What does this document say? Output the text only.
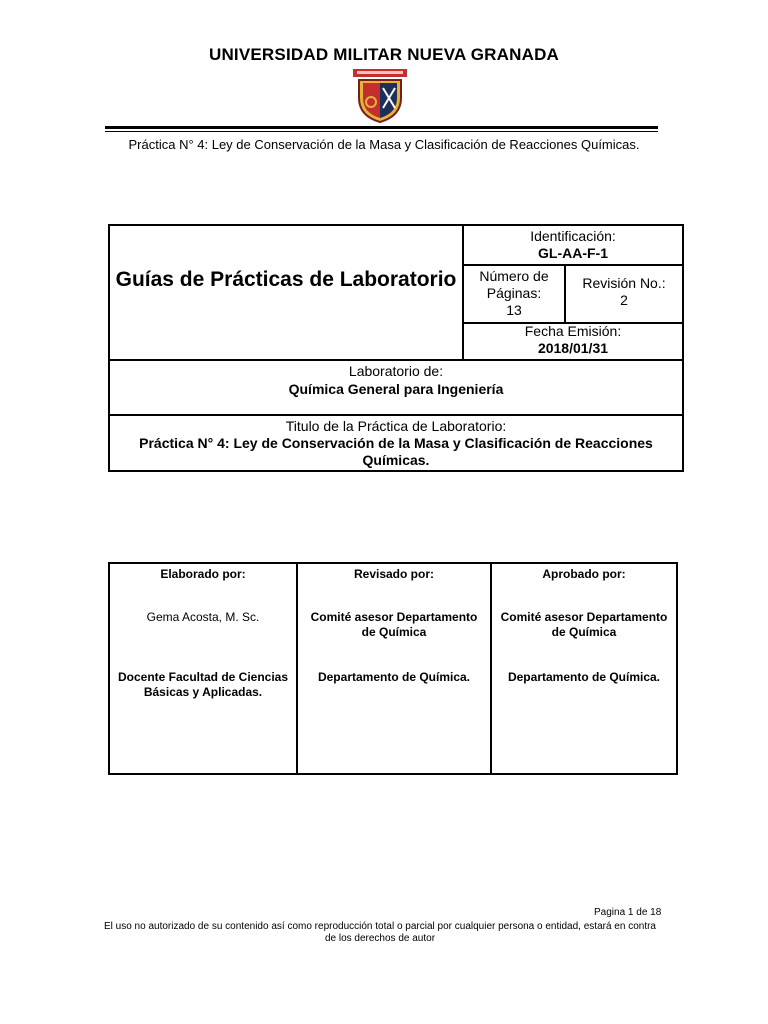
UNIVERSIDAD MILITAR NUEVA GRANADA
Práctica N° 4: Ley de Conservación de la Masa y Clasificación de Reacciones Químicas.
Guías de Prácticas de Laboratorio
Identificación:
GL-AA-F-1
Número de Páginas:
13
Revisión No.:
2
Fecha Emisión:
2018/01/31
Laboratorio de:
Química General para Ingeniería
Titulo de la Práctica de Laboratorio:
Práctica N° 4: Ley de Conservación de la Masa y Clasificación de Reacciones Químicas.
Elaborado por:
Gema Acosta, M. Sc.
Docente Facultad de Ciencias Básicas y Aplicadas.
Revisado por:
Comité asesor Departamento de Química
Departamento de Química.
Aprobado por:
Comité asesor Departamento de Química
Departamento de Química.
Pagina 1 de 18
El uso no autorizado de su contenido así como reproducción total o parcial por cualquier persona o entidad, estará en contra de los derechos de autor
